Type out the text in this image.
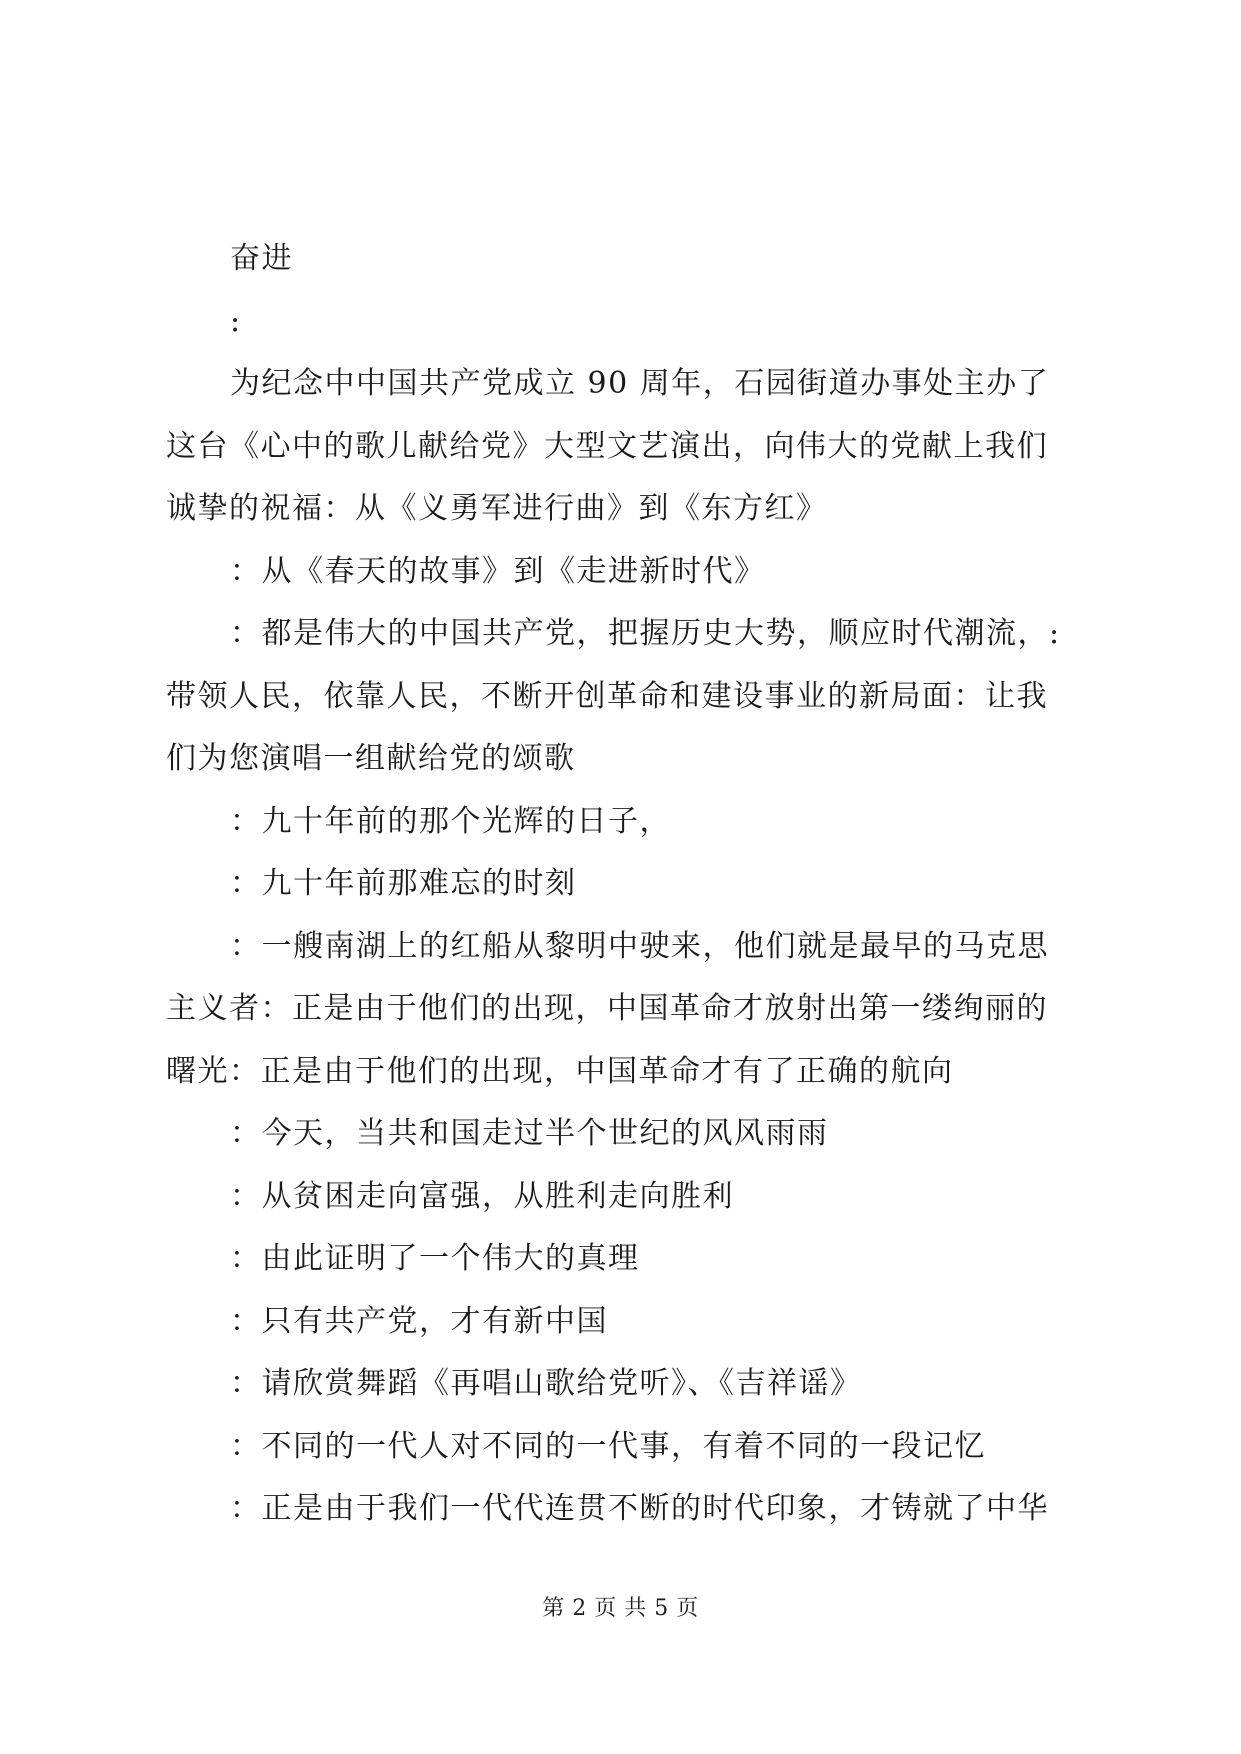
奋进
:
为纪念中中国共产党成立 90 周年，石园街道办事处主办了
这台《心中的歌儿献给党》大型文艺演出，向伟大的党献上我们
诚挚的祝福：从《义勇军进行曲》到《东方红》
：从《春天的故事》到《走进新时代》
：都是伟大的中国共产党，把握历史大势，顺应时代潮流，:
带领人民，依靠人民，不断开创革命和建设事业的新局面：让我
们为您演唱一组献给党的颂歌
：九十年前的那个光辉的日子，
：九十年前那难忘的时刻
：一艘南湖上的红船从黎明中驶来，他们就是最早的马克思
主义者：正是由于他们的出现，中国革命才放射出第一缕绚丽的
曙光：正是由于他们的出现，中国革命才有了正确的航向
：今天，当共和国走过半个世纪的风风雨雨
：从贫困走向富强，从胜利走向胜利
：由此证明了一个伟大的真理
：只有共产党，才有新中国
：请欣赏舞蹈《再唱山歌给党听》、《吉祥谣》
：不同的一代人对不同的一代事，有着不同的一段记忆
：正是由于我们一代代连贯不断的时代印象，才铸就了中华
第 2 页 共 5 页
